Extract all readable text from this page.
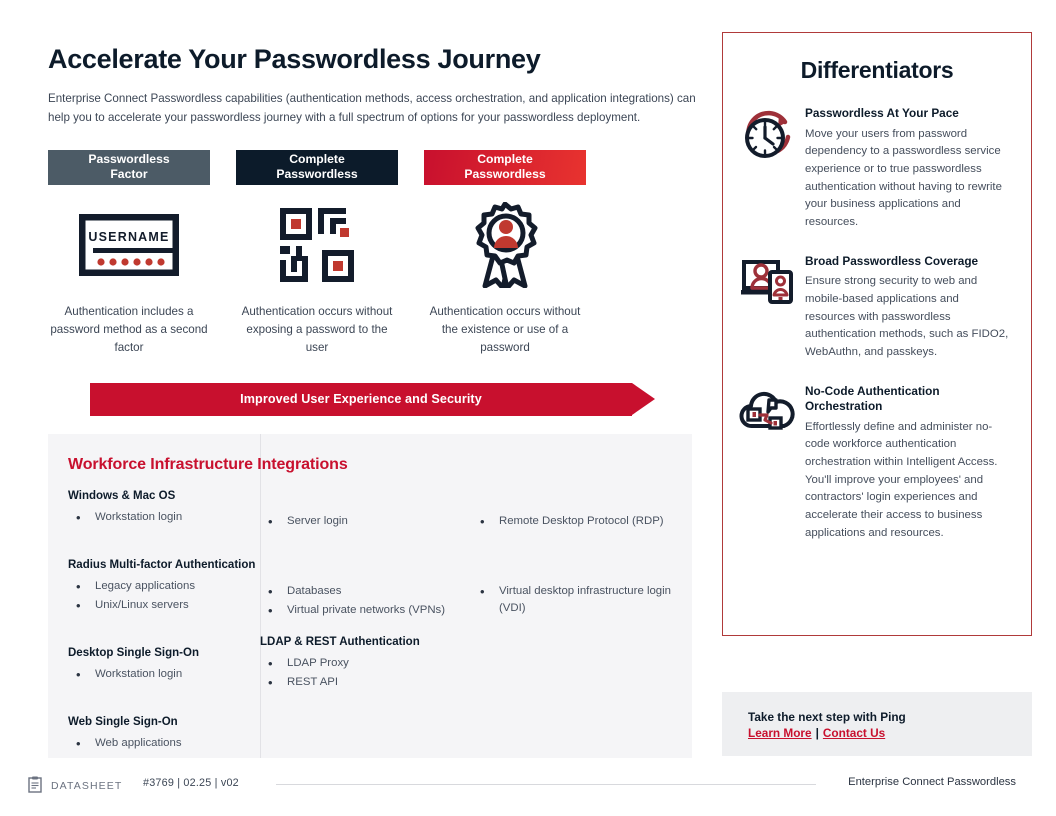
Accelerate Your Passwordless Journey

Enterprise Connect Passwordless capabilities (authentication methods, access orchestration, and application integrations) can help you to accelerate your passwordless journey with a full spectrum of options for your passwordless deployment.

Passwordless
Factor
USERNAME
Authentication includes a password method as a second factor
Complete
Passwordless
Authentication occurs without exposing a password to the user
Complete
Passwordless
Authentication occurs without the existence or use of a password
Improved User Experience and Security
Workforce Infrastructure Integrations
Windows & Mac OS
• Workstation login
Radius Multi-factor Authentication
• Legacy applications
• Unix/Linux servers
Desktop Single Sign-On
• Workstation login
Web Single Sign-On
• Web applications
• Server login
• Databases
• Virtual private networks (VPNs)
LDAP & REST Authentication
• LDAP Proxy
• REST API
• Remote Desktop Protocol (RDP)
• Virtual desktop infrastructure login (VDI)
Differentiators
Passwordless At Your Pace
Move your users from password dependency to a passwordless service experience or to true passwordless authentication without having to rewrite your business applications and resources.
Broad Passwordless Coverage
Ensure strong security to web and mobile-based applications and resources with passwordless authentication methods, such as FIDO2, WebAuthn, and passkeys.
No-Code Authentication Orchestration
Effortlessly define and administer no-code workforce authentication orchestration within Intelligent Access. You'll improve your employees' and contractors' login experiences and accelerate their access to business applications and resources.
Take the next step with Ping
Learn More | Contact Us
DATASHEET #3769 | 02.25 | v02	Enterprise Connect Passwordless
